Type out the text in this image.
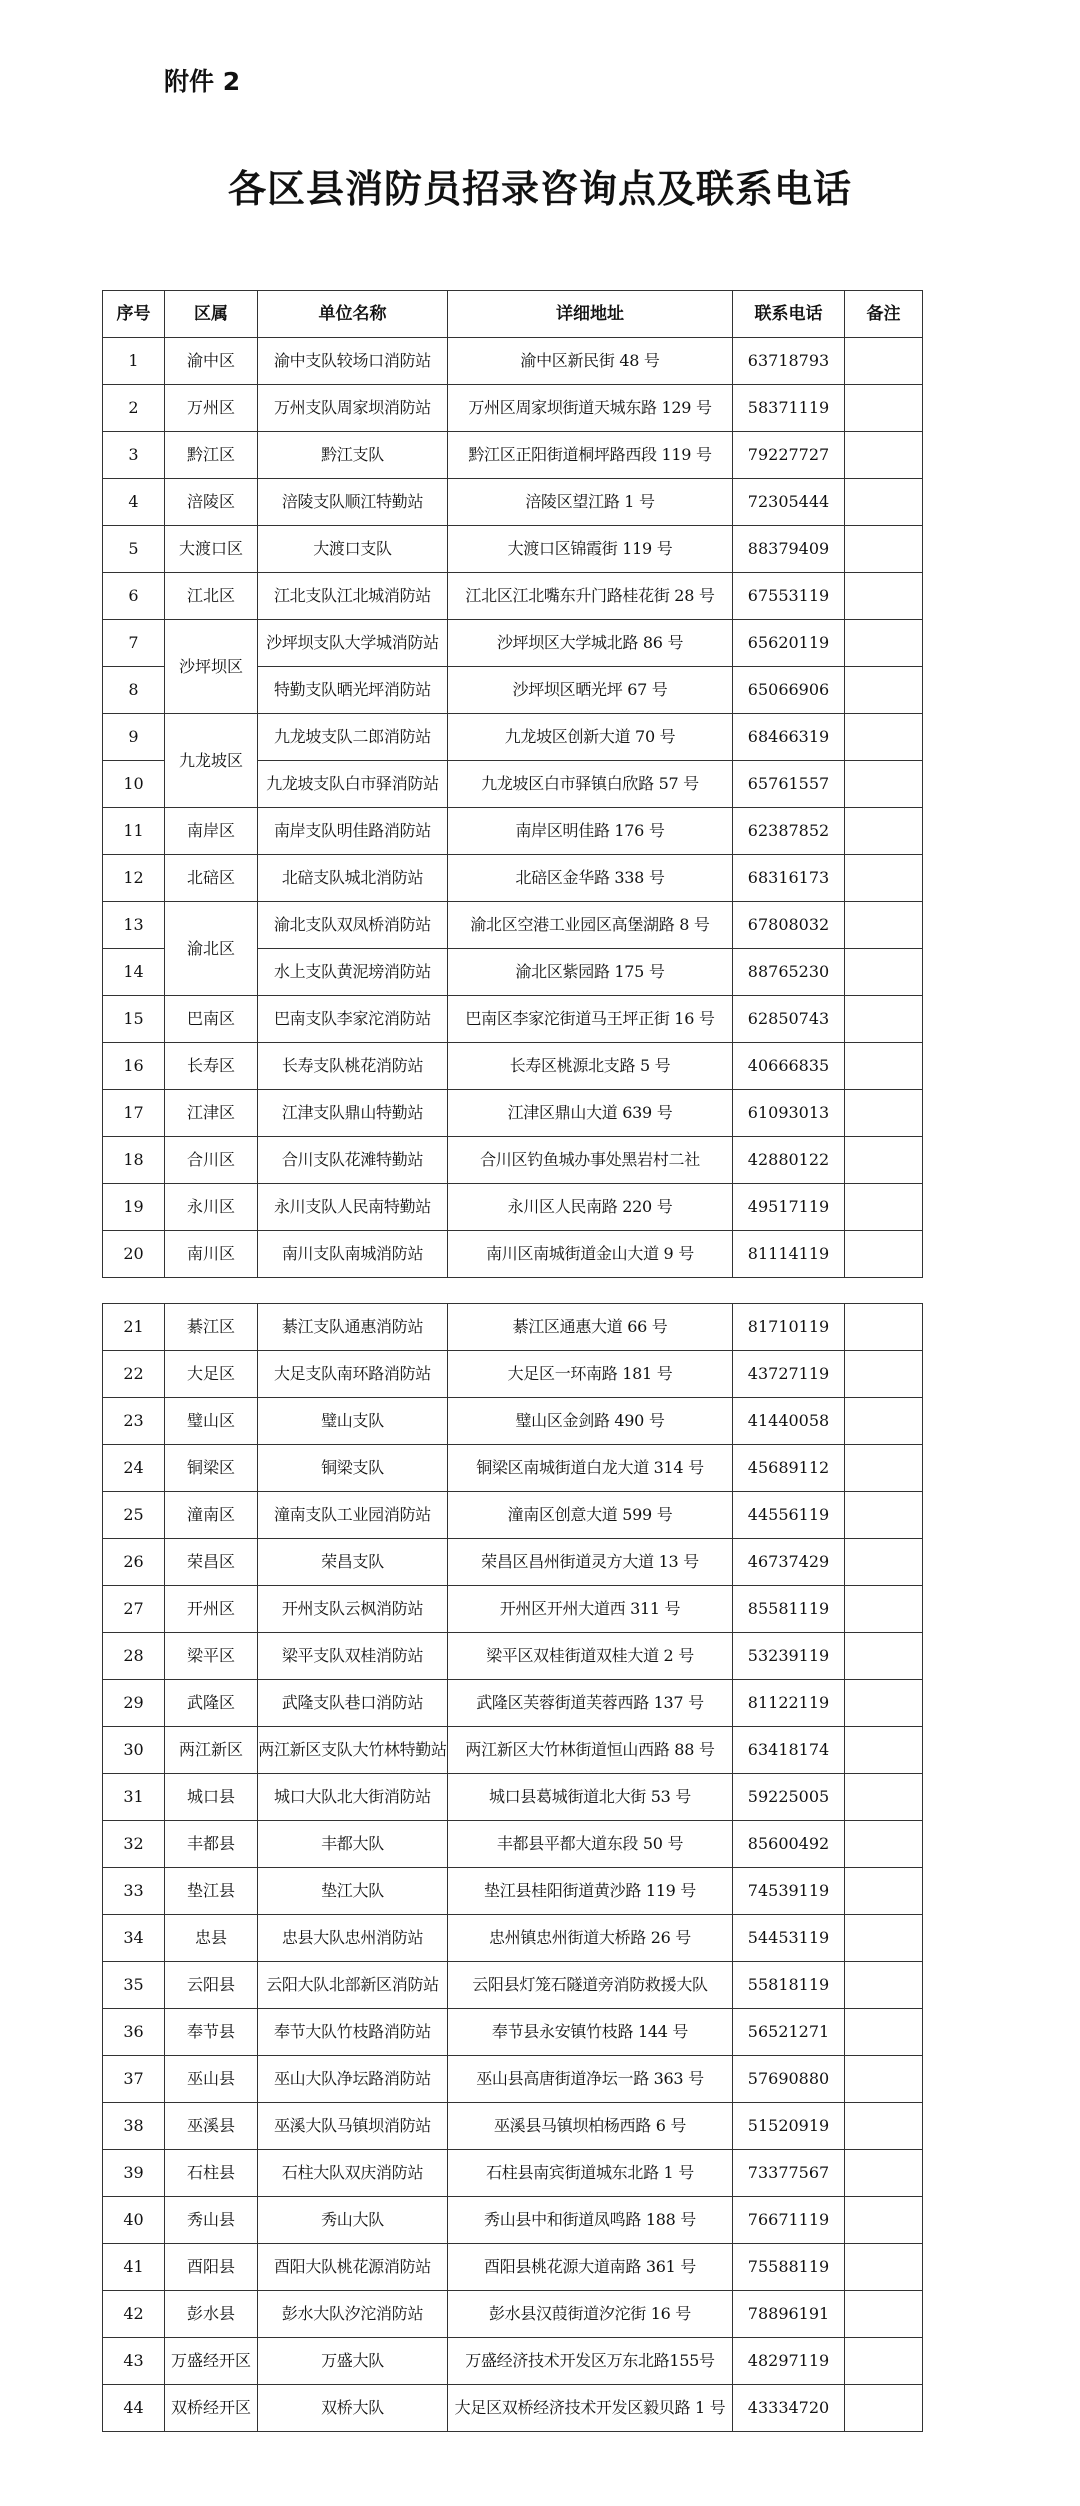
附件 2

各区县消防员招录咨询点及联系电话
序号	区属	单位名称	详细地址	联系电话	备注
1	渝中区	渝中支队较场口消防站	渝中区新民街 48 号	63718793	
2	万州区	万州支队周家坝消防站	万州区周家坝街道天城东路 129 号	58371119	
3	黔江区	黔江支队	黔江区正阳街道桐坪路西段 119 号	79227727	
4	涪陵区	涪陵支队顺江特勤站	涪陵区望江路 1 号	72305444	
5	大渡口区	大渡口支队	大渡口区锦霞街 119 号	88379409	
6	江北区	江北支队江北城消防站	江北区江北嘴东升门路桂花街 28 号	67553119	
7	沙坪坝区	沙坪坝支队大学城消防站	沙坪坝区大学城北路 86 号	65620119	
8		特勤支队晒光坪消防站	沙坪坝区晒光坪 67 号	65066906	
9	九龙坡区	九龙坡支队二郎消防站	九龙坡区创新大道 70 号	68466319	
10		九龙坡支队白市驿消防站	九龙坡区白市驿镇白欣路 57 号	65761557	
11	南岸区	南岸支队明佳路消防站	南岸区明佳路 176 号	62387852	
12	北碚区	北碚支队城北消防站	北碚区金华路 338 号	68316173	
13	渝北区	渝北支队双凤桥消防站	渝北区空港工业园区高堡湖路 8 号	67808032	
14		水上支队黄泥塝消防站	渝北区紫园路 175 号	88765230	
15	巴南区	巴南支队李家沱消防站	巴南区李家沱街道马王坪正街 16 号	62850743	
16	长寿区	长寿支队桃花消防站	长寿区桃源北支路 5 号	40666835	
17	江津区	江津支队鼎山特勤站	江津区鼎山大道 639 号	61093013	
18	合川区	合川支队花滩特勤站	合川区钓鱼城办事处黑岩村二社	42880122	
19	永川区	永川支队人民南特勤站	永川区人民南路 220 号	49517119	
20	南川区	南川支队南城消防站	南川区南城街道金山大道 9 号	81114119	
21	綦江区	綦江支队通惠消防站	綦江区通惠大道 66 号	81710119	
22	大足区	大足支队南环路消防站	大足区一环南路 181 号	43727119	
23	璧山区	璧山支队	璧山区金剑路 490 号	41440058	
24	铜梁区	铜梁支队	铜梁区南城街道白龙大道 314 号	45689112	
25	潼南区	潼南支队工业园消防站	潼南区创意大道 599 号	44556119	
26	荣昌区	荣昌支队	荣昌区昌州街道灵方大道 13 号	46737429	
27	开州区	开州支队云枫消防站	开州区开州大道西 311 号	85581119	
28	梁平区	梁平支队双桂消防站	梁平区双桂街道双桂大道 2 号	53239119	
29	武隆区	武隆支队巷口消防站	武隆区芙蓉街道芙蓉西路 137 号	81122119	
30	两江新区	两江新区支队大竹林特勤站	两江新区大竹林街道恒山西路 88 号	63418174	
31	城口县	城口大队北大街消防站	城口县葛城街道北大街 53 号	59225005	
32	丰都县	丰都大队	丰都县平都大道东段 50 号	85600492	
33	垫江县	垫江大队	垫江县桂阳街道黄沙路 119 号	74539119	
34	忠县	忠县大队忠州消防站	忠州镇忠州街道大桥路 26 号	54453119	
35	云阳县	云阳大队北部新区消防站	云阳县灯笼石隧道旁消防救援大队	55818119	
36	奉节县	奉节大队竹枝路消防站	奉节县永安镇竹枝路 144 号	56521271	
37	巫山县	巫山大队净坛路消防站	巫山县高唐街道净坛一路 363 号	57690880	
38	巫溪县	巫溪大队马镇坝消防站	巫溪县马镇坝柏杨西路 6 号	51520919	
39	石柱县	石柱大队双庆消防站	石柱县南宾街道城东北路 1 号	73377567	
40	秀山县	秀山大队	秀山县中和街道凤鸣路 188 号	76671119	
41	酉阳县	酉阳大队桃花源消防站	酉阳县桃花源大道南路 361 号	75588119	
42	彭水县	彭水大队汐沱消防站	彭水县汉葭街道汐沱街 16 号	78896191	
43	万盛经开区	万盛大队	万盛经济技术开发区万东北路155号	48297119	
44	双桥经开区	双桥大队	大足区双桥经济技术开发区毅贝路 1 号	43334720	
